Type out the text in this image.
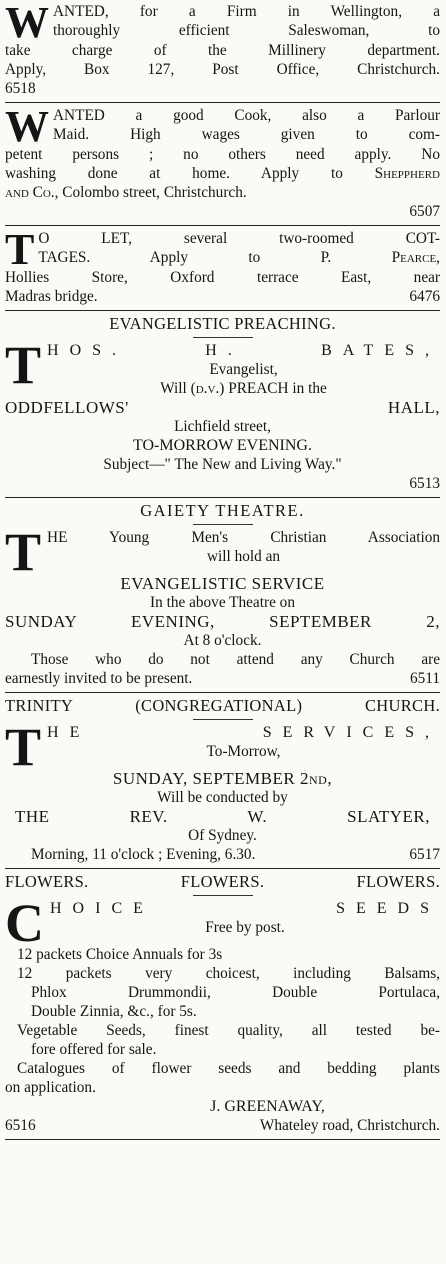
W ANTED, for a Firm in Wellington, a
thoroughly efficient Saleswoman, to
take charge of the Millinery department.
Apply, Box 127, Post Office, Christchurch.
6518
W ANTED a good Cook, also a Parlour
Maid. High wages given to com-
petent persons ; no others need apply. No
washing done at home. Apply to Sheppherd
and Co., Colombo street, Christchurch.
6507
T O LET, several two-roomed COT-
TAGES. Apply to P. Pearce,
Hollies Store, Oxford terrace East, near
Madras bridge.	6476
EVANGELISTIC PREACHING.
T HOS. H. BATES,
Evangelist,
Will (d.v.) PREACH in the
ODDFELLOWS' HALL,
Lichfield street,
TO-MORROW EVENING.
Subject—" The New and Living Way."
6513
GAIETY THEATRE.
T HE Young Men's Christian Association
will hold an
EVANGELISTIC SERVICE
In the above Theatre on
SUNDAY EVENING, SEPTEMBER 2,
At 8 o'clock.
Those who do not attend any Church are
earnestly invited to be present.	6511
TRINITY (CONGREGATIONAL) CHURCH.
T HE SERVICES,
To-Morrow,
SUNDAY, SEPTEMBER 2nd,
Will be conducted by
THE REV. W. SLATYER,
Of Sydney.
Morning, 11 o'clock ; Evening, 6.30.	6517
FLOWERS.	FLOWERS.	FLOWERS.
C HOICE SEEDS
Free by post.
12 packets Choice Annuals for 3s
12 packets very choicest, including Balsams,
Phlox Drummondii, Double Portulaca,
Double Zinnia, &c., for 5s.
Vegetable Seeds, finest quality, all tested be-
fore offered for sale.
Catalogues of flower seeds and bedding plants
on application.
J. GREENAWAY,
6516	Whateley road, Christchurch.
